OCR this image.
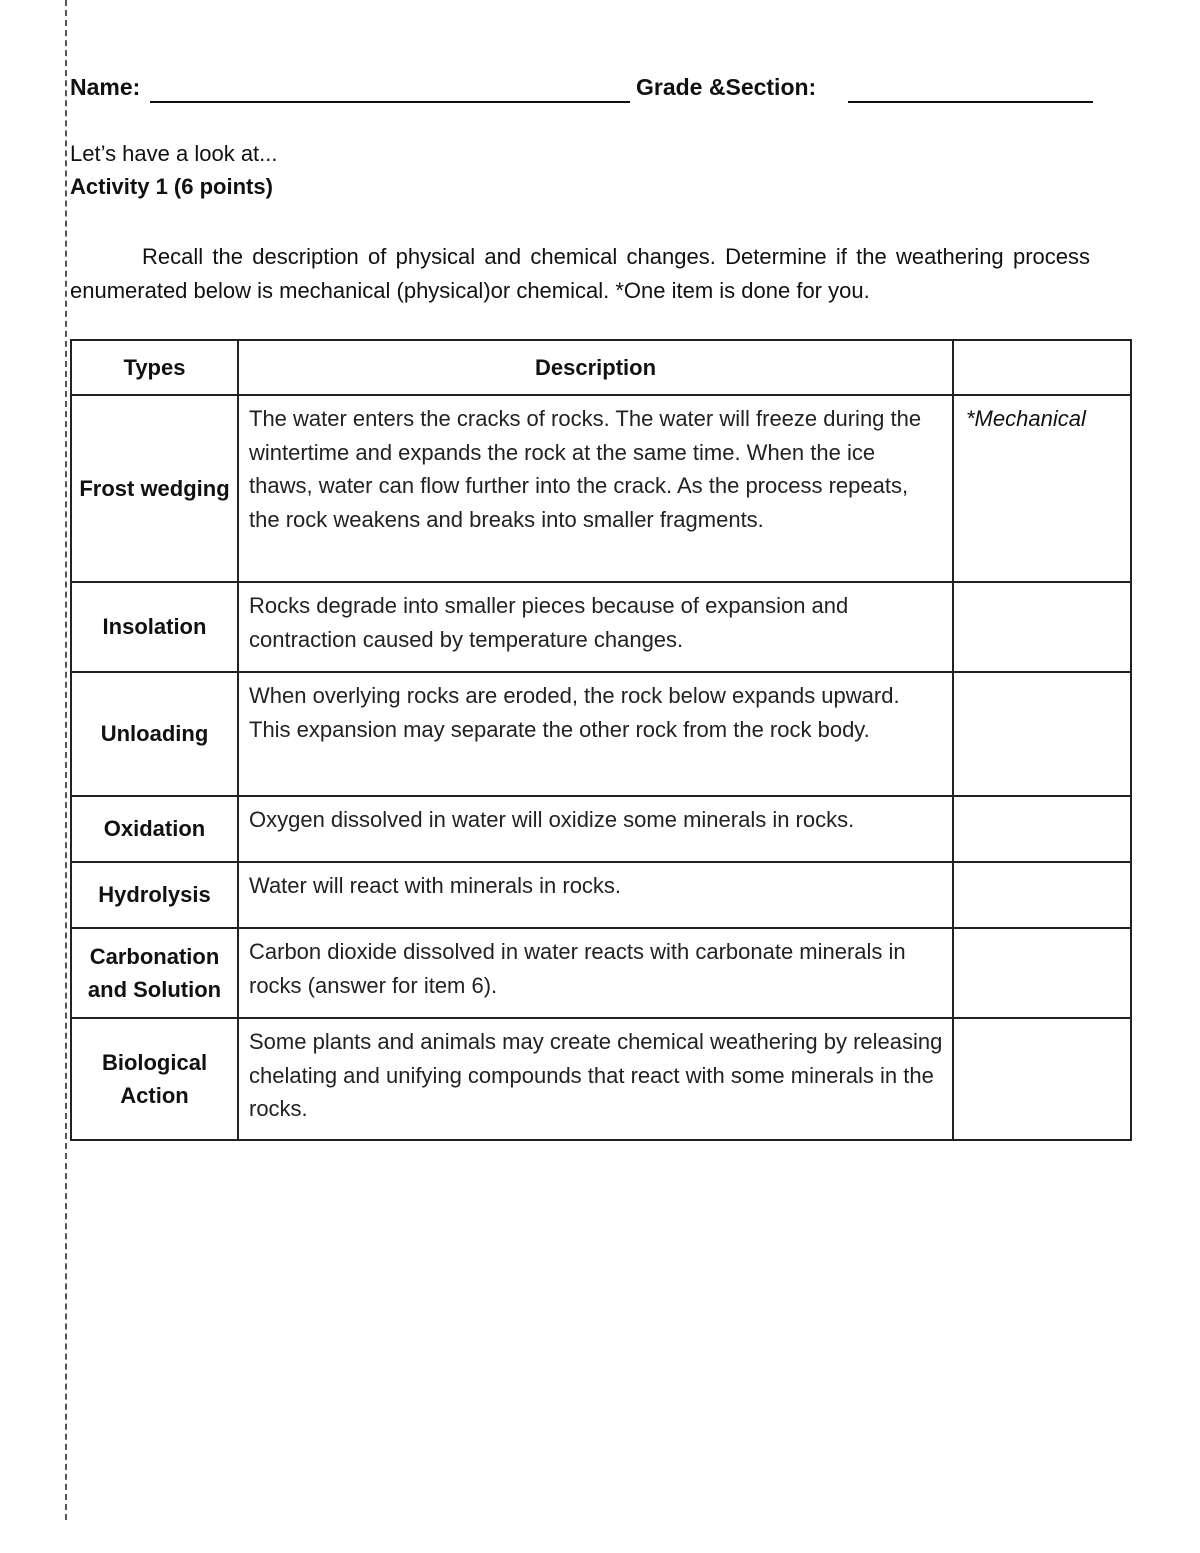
Name:	Grade &Section:
Let’s have a look at...
Activity 1 (6 points)
Recall the description of physical and chemical changes. Determine if the weathering process enumerated below is mechanical (physical)or chemical. *One item is done for you.
Types	Description	
Frost wedging	The water enters the cracks of rocks. The water will freeze during the wintertime and expands the rock at the same time. When the ice thaws, water can flow further into the crack. As the process repeats, the rock weakens and breaks into smaller fragments.	*Mechanical
Insolation	Rocks degrade into smaller pieces because of expansion and contraction caused by temperature changes.	
Unloading	When overlying rocks are eroded, the rock below expands upward. This expansion may separate the other rock from the rock body.	
Oxidation	Oxygen dissolved in water will oxidize some minerals in rocks.	
Hydrolysis	Water will react with minerals in rocks.	
Carbonation and Solution	Carbon dioxide dissolved in water reacts with carbonate minerals in rocks (answer for item 6).	
Biological Action	Some plants and animals may create chemical weathering by releasing chelating and unifying compounds that react with some minerals in the rocks.	
